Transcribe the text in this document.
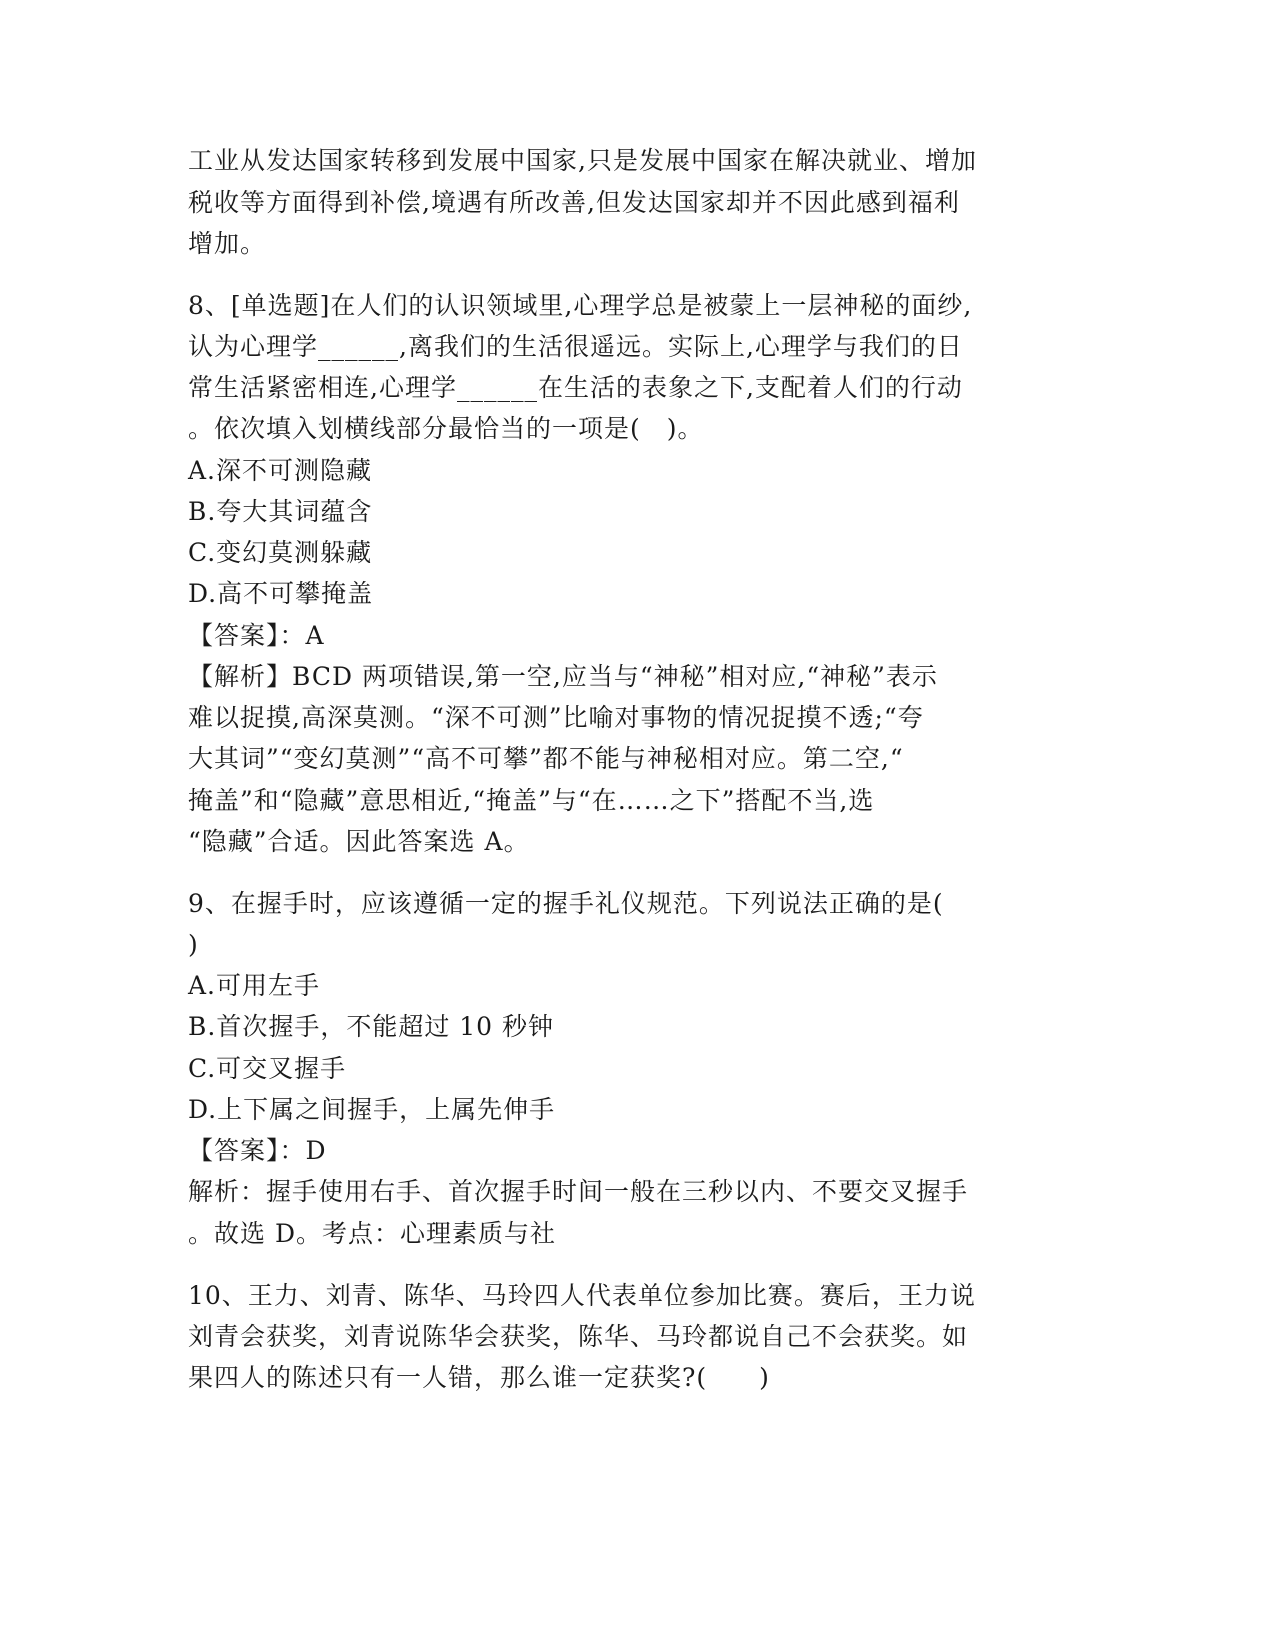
工业从发达国家转移到发展中国家,只是发展中国家在解决就业、增加
税收等方面得到补偿,境遇有所改善,但发达国家却并不因此感到福利
增加。
8、[单选题]在人们的认识领域里,心理学总是被蒙上一层神秘的面纱,
认为心理学______,离我们的生活很遥远。实际上,心理学与我们的日
常生活紧密相连,心理学______在生活的表象之下,支配着人们的行动
。依次填入划横线部分最恰当的一项是(　)。
A.深不可测隐藏
B.夸大其词蕴含
C.变幻莫测躲藏
D.高不可攀掩盖
【答案】：A
【解析】BCD 两项错误,第一空,应当与“神秘”相对应,“神秘”表示
难以捉摸,高深莫测。“深不可测”比喻对事物的情况捉摸不透;“夸
大其词”“变幻莫测”“高不可攀”都不能与神秘相对应。第二空,“
掩盖”和“隐藏”意思相近,“掩盖”与“在……之下”搭配不当,选
“隐藏”合适。因此答案选 A。
9、在握手时，应该遵循一定的握手礼仪规范。下列说法正确的是(
)
A.可用左手
B.首次握手，不能超过 10 秒钟
C.可交叉握手
D.上下属之间握手，上属先伸手
【答案】：D
解析：握手使用右手、首次握手时间一般在三秒以内、不要交叉握手
。故选 D。考点：心理素质与社
10、王力、刘青、陈华、马玲四人代表单位参加比赛。赛后，王力说
刘青会获奖，刘青说陈华会获奖，陈华、马玲都说自己不会获奖。如
果四人的陈述只有一人错，那么谁一定获奖?(　　)
